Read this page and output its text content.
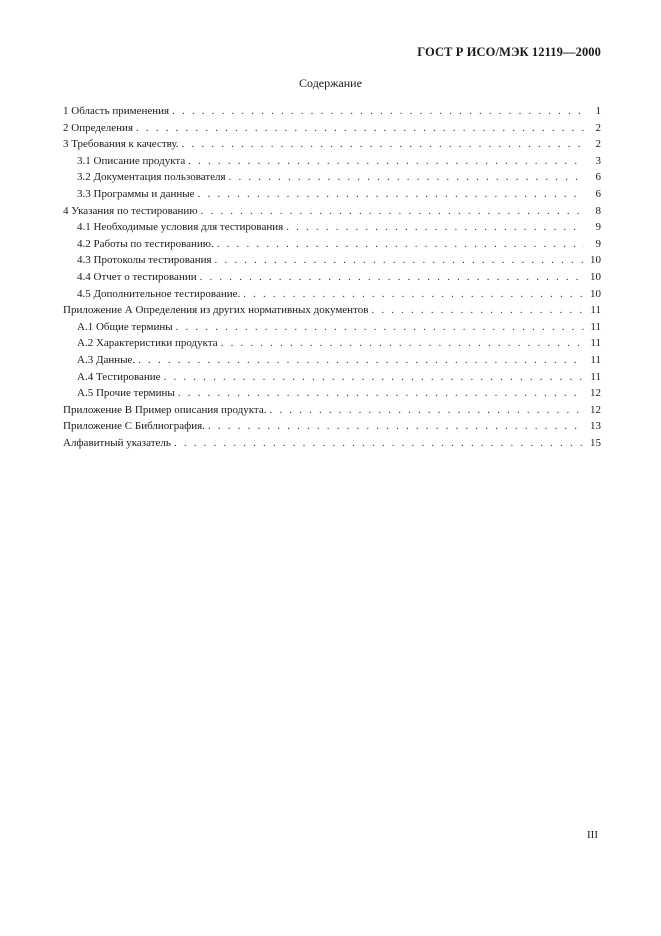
ГОСТ Р ИСО/МЭК 12119—2000
Содержание
1 Область применения . . .	1
2 Определения . . .	2
3 Требования к качеству. . . .	2
3.1 Описание продукта . . .	3
3.2 Документация пользователя . . .	6
3.3 Программы и данные . . .	6
4 Указания по тестированию . . .	8
4.1 Необходимые условия для тестирования . . .	9
4.2 Работы по тестированию. . . .	9
4.3 Протоколы тестирования . . .	10
4.4 Отчет о тестировании . . .	10
4.5 Дополнительное тестирование. . . .	10
Приложение А Определения из других нормативных документов . . .	11
А.1 Общие термины . . .	11
А.2 Характеристики продукта . . .	11
А.3 Данные. . . .	11
А.4 Тестирование . . .	11
А.5 Прочие термины . . .	12
Приложение В Пример описания продукта. . . .	12
Приложение С Библиография. . . .	13
Алфавитный указатель . . .	15
III
